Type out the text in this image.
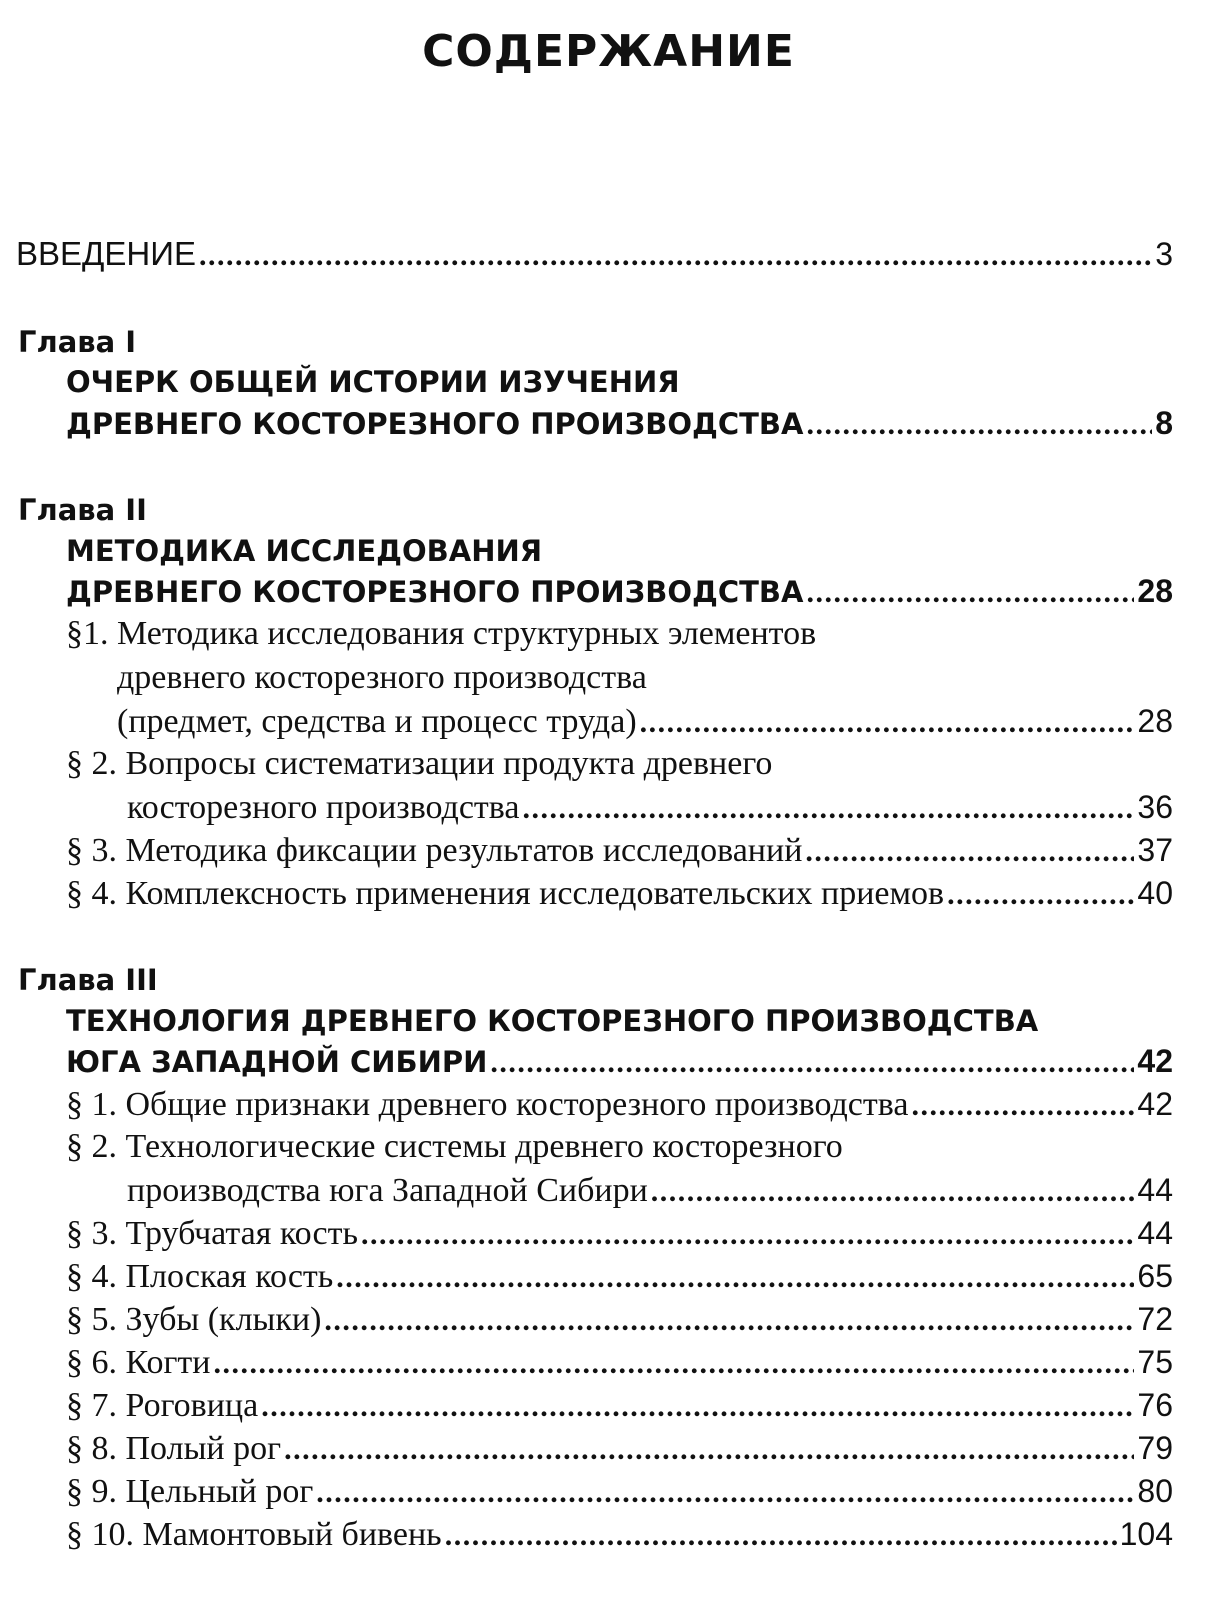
СОДЕРЖАНИЕ
ВВЕДЕНИЕ . . .	3
Глава I
ОЧЕРК ОБЩЕЙ ИСТОРИИ ИЗУЧЕНИЯ
ДРЕВНЕГО КОСТОРЕЗНОГО ПРОИЗВОДСТВА . . .	8
Глава II
МЕТОДИКА ИССЛЕДОВАНИЯ
ДРЕВНЕГО КОСТОРЕЗНОГО ПРОИЗВОДСТВА . . .	28
§1. Методика исследования структурных элементов
древнего косторезного производства
(предмет, средства и процесс труда) . . .	28
§ 2. Вопросы систематизации продукта древнего
косторезного производства . . .	36
§ 3. Методика фиксации результатов исследований . . .	37
§ 4. Комплексность применения исследовательских приемов . . .	40
Глава III
ТЕХНОЛОГИЯ ДРЕВНЕГО КОСТОРЕЗНОГО ПРОИЗВОДСТВА
ЮГА ЗАПАДНОЙ СИБИРИ . . .	42
§ 1. Общие признаки древнего косторезного производства . . .	42
§ 2. Технологические системы древнего косторезного
производства юга Западной Сибири . . .	44
§ 3. Трубчатая кость . . .	44
§ 4. Плоская кость . . .	65
§ 5. Зубы (клыки) . . .	72
§ 6. Когти . . .	75
§ 7. Роговица . . .	76
§ 8. Полый рог . . .	79
§ 9. Цельный рог . . .	80
§ 10. Мамонтовый бивень . . .	104
